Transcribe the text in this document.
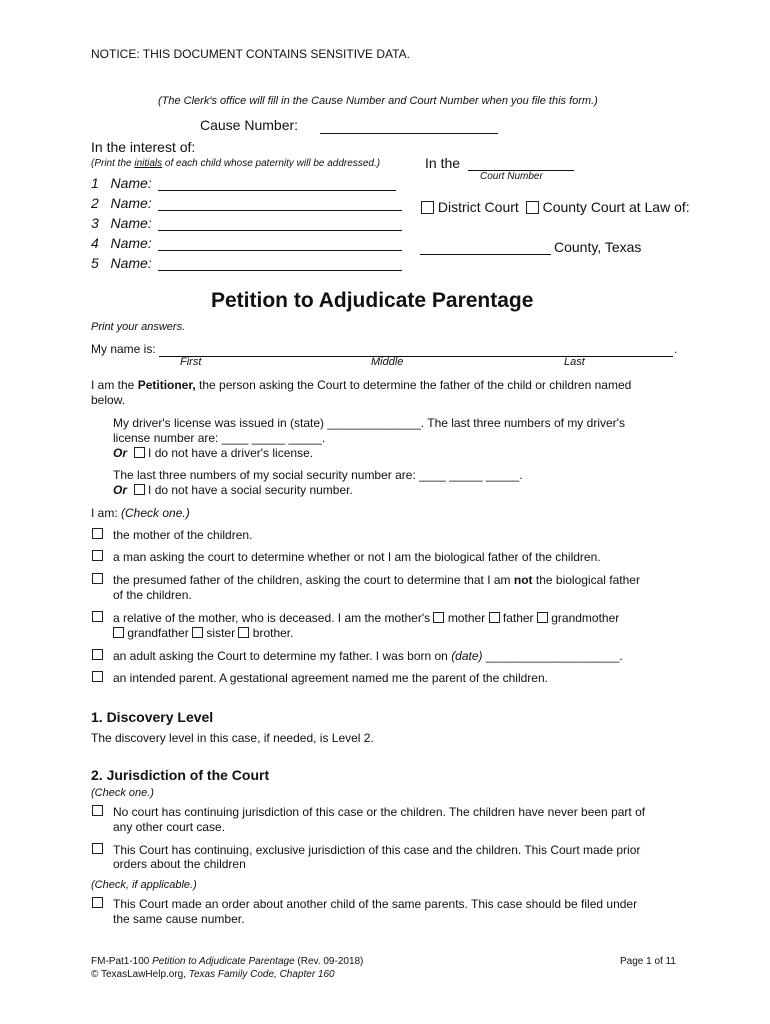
NOTICE: THIS DOCUMENT CONTAINS SENSITIVE DATA.
(The Clerk's office will fill in the Cause Number and Court Number when you file this form.)
Cause Number:
In the interest of:
(Print the initials of each child whose paternity will be addressed.)
1 Name:
2 Name:
3 Name:
4 Name:
5 Name:
In the
Court Number
District Court County Court at Law of:
County, Texas
Petition to Adjudicate Parentage
Print your answers.
My name is:	.
First	Middle	Last
I am the Petitioner, the person asking the Court to determine the father of the child or children named
below.
My driver's license was issued in (state) ______________. The last three numbers of my driver's
license number are: ____ _____ _____.
Or I do not have a driver's license.
The last three numbers of my social security number are: ____ _____ _____.
Or I do not have a social security number.
I am: (Check one.)
the mother of the children.
a man asking the court to determine whether or not I am the biological father of the children.
the presumed father of the children, asking the court to determine that I am not the biological father
of the children.
a relative of the mother, who is deceased. I am the mother's mother father grandmother
grandfather sister brother.
an adult asking the Court to determine my father. I was born on (date) ____________________.
an intended parent. A gestational agreement named me the parent of the children.
1. Discovery Level
The discovery level in this case, if needed, is Level 2.
2. Jurisdiction of the Court
(Check one.)
No court has continuing jurisdiction of this case or the children. The children have never been part of
any other court case.
This Court has continuing, exclusive jurisdiction of this case and the children. This Court made prior
orders about the children
(Check, if applicable.)
This Court made an order about another child of the same parents. This case should be filed under
the same cause number.
FM-Pat1-100 Petition to Adjudicate Parentage (Rev. 09-2018)
© TexasLawHelp.org, Texas Family Code, Chapter 160
Page 1 of 11
